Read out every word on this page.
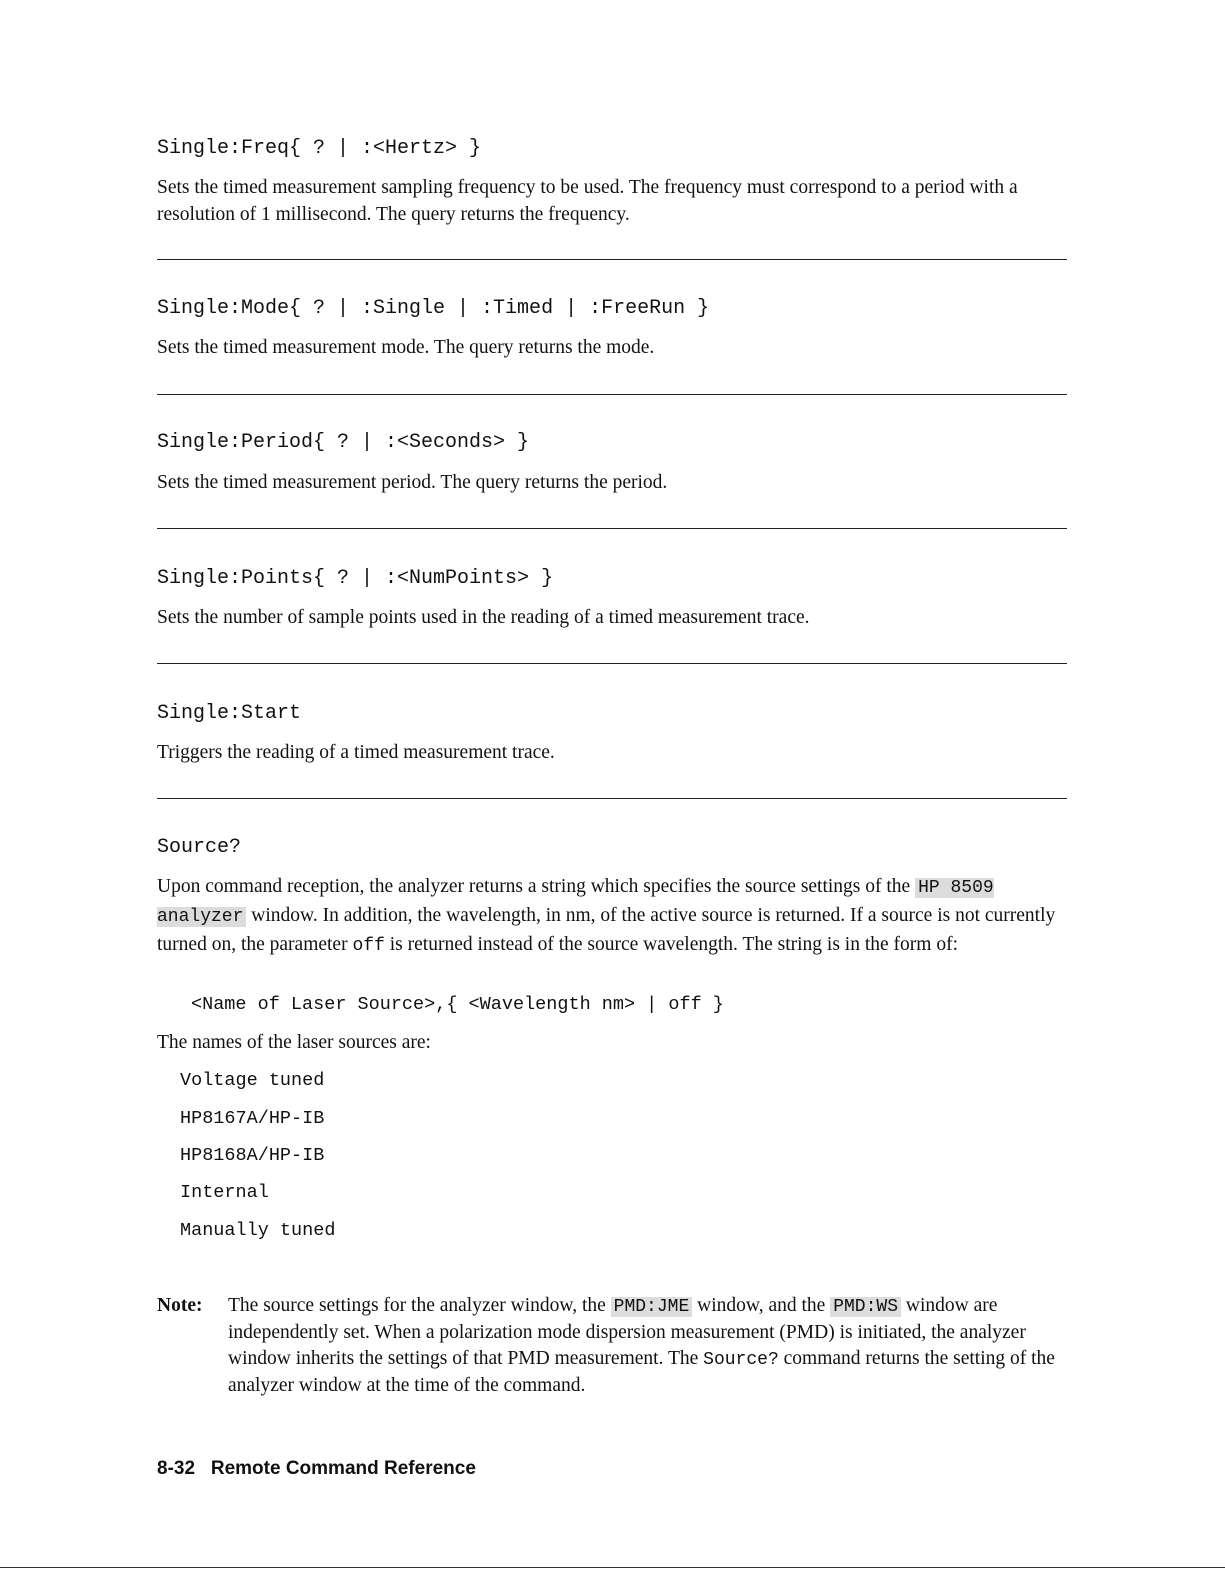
Single:Freq{ ? | :<Hertz> }
Sets the timed measurement sampling frequency to be used. The frequency must correspond to a period with a resolution of 1 millisecond. The query returns the frequency.
Single:Mode{ ? | :Single | :Timed | :FreeRun }
Sets the timed measurement mode. The query returns the mode.
Single:Period{ ? | :<Seconds> }
Sets the timed measurement period. The query returns the period.
Single:Points{ ? | :<NumPoints> }
Sets the number of sample points used in the reading of a timed measurement trace.
Single:Start
Triggers the reading of a timed measurement trace.
Source?
Upon command reception, the analyzer returns a string which specifies the source settings of the HP 8509 analyzer window. In addition, the wavelength, in nm, of the active source is returned. If a source is not currently turned on, the parameter off is returned instead of the source wavelength. The string is in the form of:
<Name of Laser Source>,{ <Wavelength nm> | off }
The names of the laser sources are:
Voltage tuned
HP8167A/HP-IB
HP8168A/HP-IB
Internal
Manually tuned
Note: The source settings for the analyzer window, the PMD:JME window, and the PMD:WS window are independently set. When a polarization mode dispersion measurement (PMD) is initiated, the analyzer window inherits the settings of that PMD measurement. The Source? command returns the setting of the analyzer window at the time of the command.
8-32 Remote Command Reference
